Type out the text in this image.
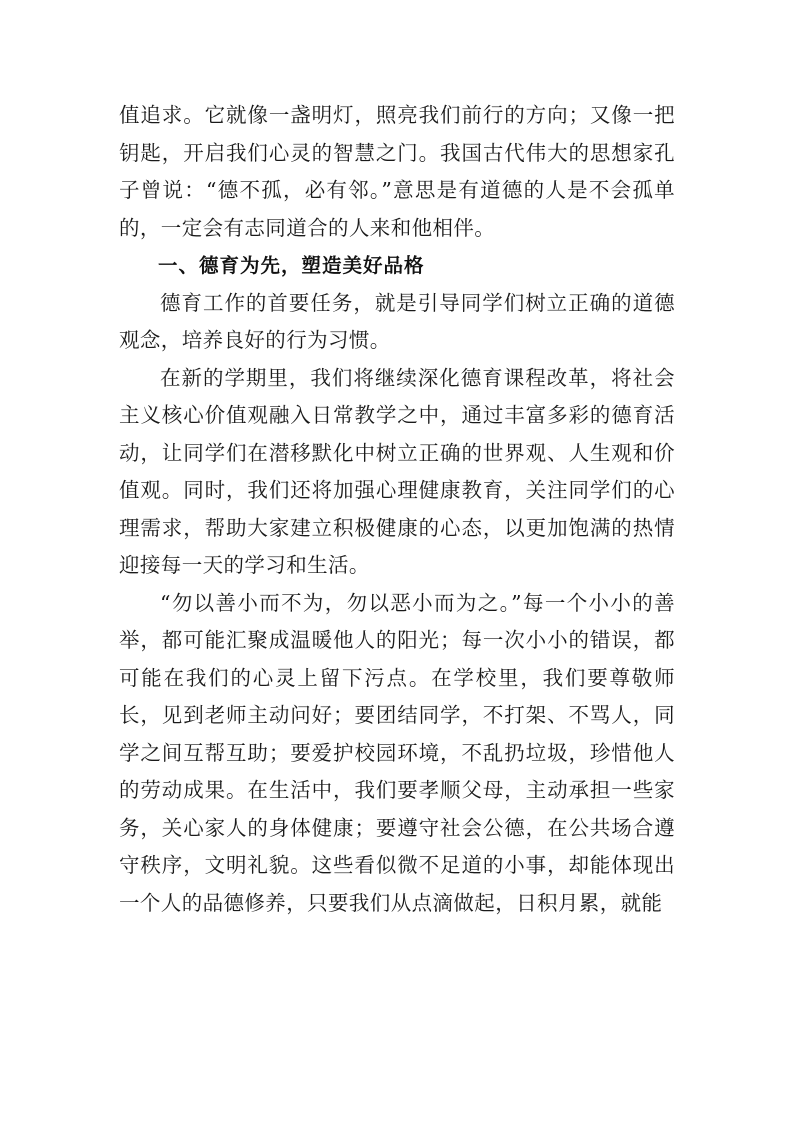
值追求。它就像一盏明灯，照亮我们前行的方向；又像一把钥匙，开启我们心灵的智慧之门。我国古代伟大的思想家孔子曾说：“德不孤，必有邻。”意思是有道德的人是不会孤单的，一定会有志同道合的人来和他相伴。

一、德育为先，塑造美好品格

德育工作的首要任务，就是引导同学们树立正确的道德观念，培养良好的行为习惯。

在新的学期里，我们将继续深化德育课程改革，将社会主义核心价值观融入日常教学之中，通过丰富多彩的德育活动，让同学们在潜移默化中树立正确的世界观、人生观和价值观。同时，我们还将加强心理健康教育，关注同学们的心理需求，帮助大家建立积极健康的心态，以更加饱满的热情迎接每一天的学习和生活。

“勿以善小而不为，勿以恶小而为之。”每一个小小的善举，都可能汇聚成温暖他人的阳光；每一次小小的错误，都可能在我们的心灵上留下污点。在学校里，我们要尊敬师长，见到老师主动问好；要团结同学，不打架、不骂人，同学之间互帮互助；要爱护校园环境，不乱扔垃圾，珍惜他人的劳动成果。在生活中，我们要孝顺父母，主动承担一些家务，关心家人的身体健康；要遵守社会公德，在公共场合遵守秩序，文明礼貌。这些看似微不足道的小事，却能体现出一个人的品德修养，只要我们从点滴做起，日积月累，就能
